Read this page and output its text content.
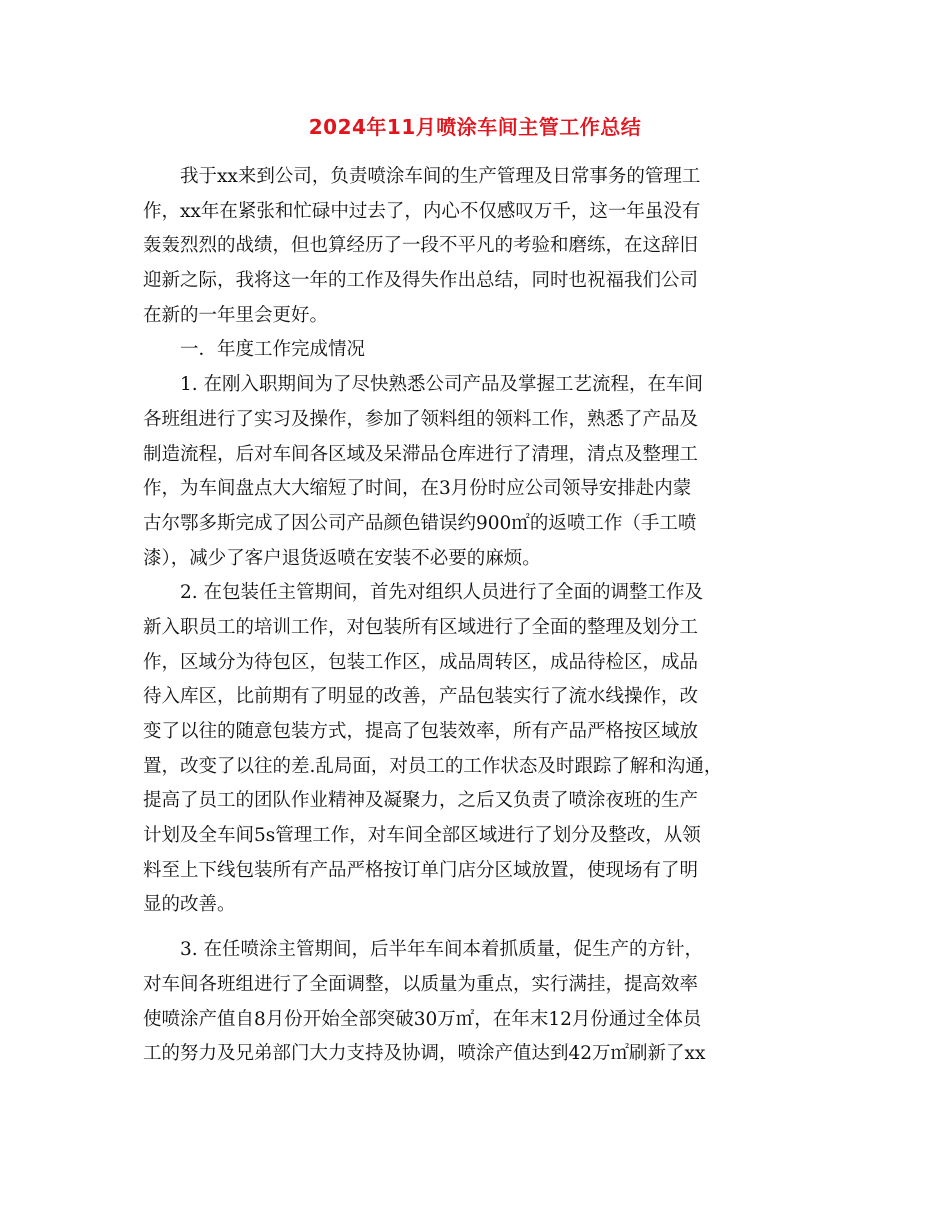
2024年11月喷涂车间主管工作总结
　　我于xx来到公司，负责喷涂车间的生产管理及日常事务的管理工
作，xx年在紧张和忙碌中过去了，内心不仅感叹万千，这一年虽没有
轰轰烈烈的战绩，但也算经历了一段不平凡的考验和磨练，在这辞旧
迎新之际，我将这一年的工作及得失作出总结，同时也祝福我们公司
在新的一年里会更好。
　　一．年度工作完成情况
　　1. 在刚入职期间为了尽快熟悉公司产品及掌握工艺流程，在车间
各班组进行了实习及操作，参加了领料组的领料工作，熟悉了产品及
制造流程，后对车间各区域及呆滞品仓库进行了清理，清点及整理工
作，为车间盘点大大缩短了时间，在3月份时应公司领导安排赴内蒙
古尔鄂多斯完成了因公司产品颜色错误约900㎡的返喷工作（手工喷
漆），减少了客户退货返喷在安装不必要的麻烦。
　　2. 在包装任主管期间，首先对组织人员进行了全面的调整工作及
新入职员工的培训工作，对包装所有区域进行了全面的整理及划分工
作，区域分为待包区，包装工作区，成品周转区，成品待检区，成品
待入库区，比前期有了明显的改善，产品包装实行了流水线操作，改
变了以往的随意包装方式，提高了包装效率，所有产品严格按区域放
置，改变了以往的差.乱局面，对员工的工作状态及时跟踪了解和沟通，
提高了员工的团队作业精神及凝聚力，之后又负责了喷涂夜班的生产
计划及全车间5s管理工作，对车间全部区域进行了划分及整改，从领
料至上下线包装所有产品严格按订单门店分区域放置，使现场有了明
显的改善。
　　3. 在任喷涂主管期间，后半年车间本着抓质量，促生产的方针，
对车间各班组进行了全面调整，以质量为重点，实行满挂，提高效率
使喷涂产值自8月份开始全部突破30万㎡，在年末12月份通过全体员
工的努力及兄弟部门大力支持及协调，喷涂产值达到42万㎡刷新了xx
